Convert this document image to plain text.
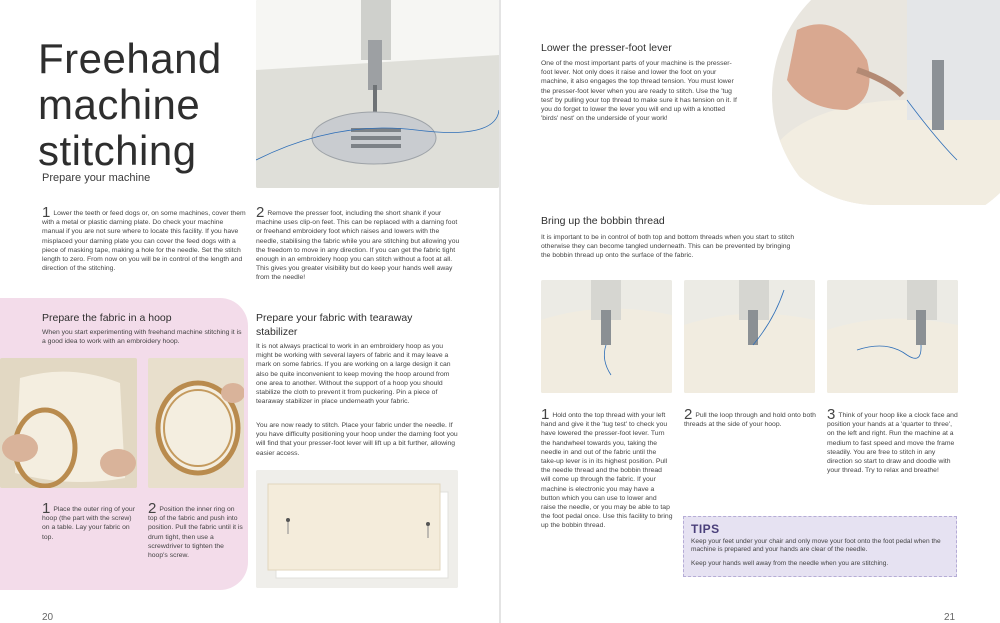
Freehand
machine
stitching
Prepare your machine
1 Lower the teeth or feed dogs or, on some machines, cover them with a metal or plastic darning plate. Do check your machine manual if you are not sure where to locate this facility. If you have misplaced your darning plate you can cover the feed dogs with a piece of masking tape, making a hole for the needle. Set the stitch length to zero. From now on you will be in control of the length and direction of the stitching.
2 Remove the presser foot, including the short shank if your machine uses clip-on feet. This can be replaced with a darning foot or freehand embroidery foot which raises and lowers with the needle, stabilising the fabric while you are stitching but allowing you the freedom to move in any direction. If you can get the fabric tight enough in an embroidery hoop you can stitch without a foot at all. This gives you greater visibility but do keep your hands well away from the needle!
Prepare the fabric in a hoop
When you start experimenting with freehand machine stitching it is a good idea to work with an embroidery hoop.
1 Place the outer ring of your hoop (the part with the screw) on a table. Lay your fabric on top.
2 Position the inner ring on top of the fabric and push into position. Pull the fabric until it is drum tight, then use a screwdriver to tighten the hoop's screw.
Prepare your fabric with tearaway stabilizer
It is not always practical to work in an embroidery hoop as you might be working with several layers of fabric and it may leave a mark on some fabrics. If you are working on a large design it can also be quite inconvenient to keep moving the hoop around from one area to another. Without the support of a hoop you should stabilize the cloth to prevent it from puckering. Pin a piece of tearaway stabilizer in place underneath your fabric.
You are now ready to stitch. Place your fabric under the needle. If you have difficulty positioning your hoop under the darning foot you will find that your presser-foot lever will lift up a bit further, allowing easier access.
20
Lower the presser-foot lever
One of the most important parts of your machine is the presser-foot lever. Not only does it raise and lower the foot on your machine, it also engages the top thread tension. You must lower the presser-foot lever when you are ready to stitch. Use the 'tug test' by pulling your top thread to make sure it has tension on it. If you do forget to lower the lever you will end up with a knotted 'birds' nest' on the underside of your work!
Bring up the bobbin thread
It is important to be in control of both top and bottom threads when you start to stitch otherwise they can become tangled underneath. This can be prevented by bringing the bobbin thread up onto the surface of the fabric.
1 Hold onto the top thread with your left hand and give it the 'tug test' to check you have lowered the presser-foot lever. Turn the handwheel towards you, taking the needle in and out of the fabric until the take-up lever is in its highest position. Pull the needle thread and the bobbin thread will come up through the fabric. If your machine is electronic you may have a button which you can use to lower and raise the needle, or you may be able to tap the foot pedal once. Use this facility to bring up the bobbin thread.
2 Pull the loop through and hold onto both threads at the side of your hoop.
3 Think of your hoop like a clock face and position your hands at a 'quarter to three', on the left and right. Run the machine at a medium to fast speed and move the frame steadily. You are free to stitch in any direction so start to draw and doodle with your thread. Try to relax and breathe!
21
TIPS
Keep your feet under your chair and only move your foot onto the foot pedal when the machine is prepared and your hands are clear of the needle.
Keep your hands well away from the needle when you are stitching.
